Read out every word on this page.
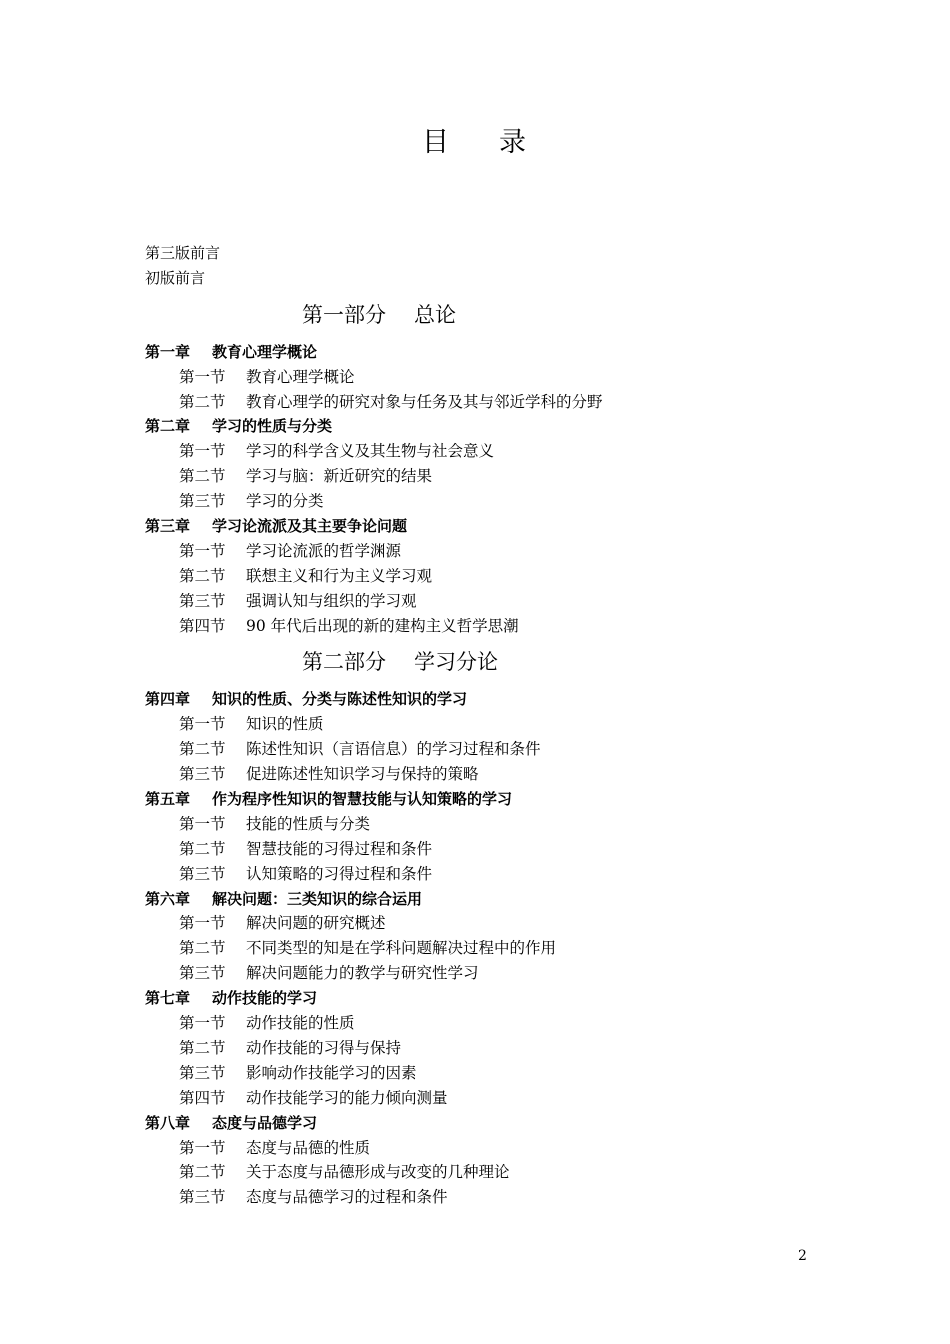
目 录
第三版前言
初版前言
第一部分 总论
第一章 教育心理学概论
第一节 教育心理学概论
第二节 教育心理学的研究对象与任务及其与邻近学科的分野
第二章 学习的性质与分类
第一节 学习的科学含义及其生物与社会意义
第二节 学习与脑：新近研究的结果
第三节 学习的分类
第三章 学习论流派及其主要争论问题
第一节 学习论流派的哲学渊源
第二节 联想主义和行为主义学习观
第三节 强调认知与组织的学习观
第四节 90 年代后出现的新的建构主义哲学思潮
第二部分 学习分论
第四章 知识的性质、分类与陈述性知识的学习
第一节 知识的性质
第二节 陈述性知识（言语信息）的学习过程和条件
第三节 促进陈述性知识学习与保持的策略
第五章 作为程序性知识的智慧技能与认知策略的学习
第一节 技能的性质与分类
第二节 智慧技能的习得过程和条件
第三节 认知策略的习得过程和条件
第六章 解决问题：三类知识的综合运用
第一节 解决问题的研究概述
第二节 不同类型的知是在学科问题解决过程中的作用
第三节 解决问题能力的教学与研究性学习
第七章 动作技能的学习
第一节 动作技能的性质
第二节 动作技能的习得与保持
第三节 影响动作技能学习的因素
第四节 动作技能学习的能力倾向测量
第八章 态度与品德学习
第一节 态度与品德的性质
第二节 关于态度与品德形成与改变的几种理论
第三节 态度与品德学习的过程和条件
2
